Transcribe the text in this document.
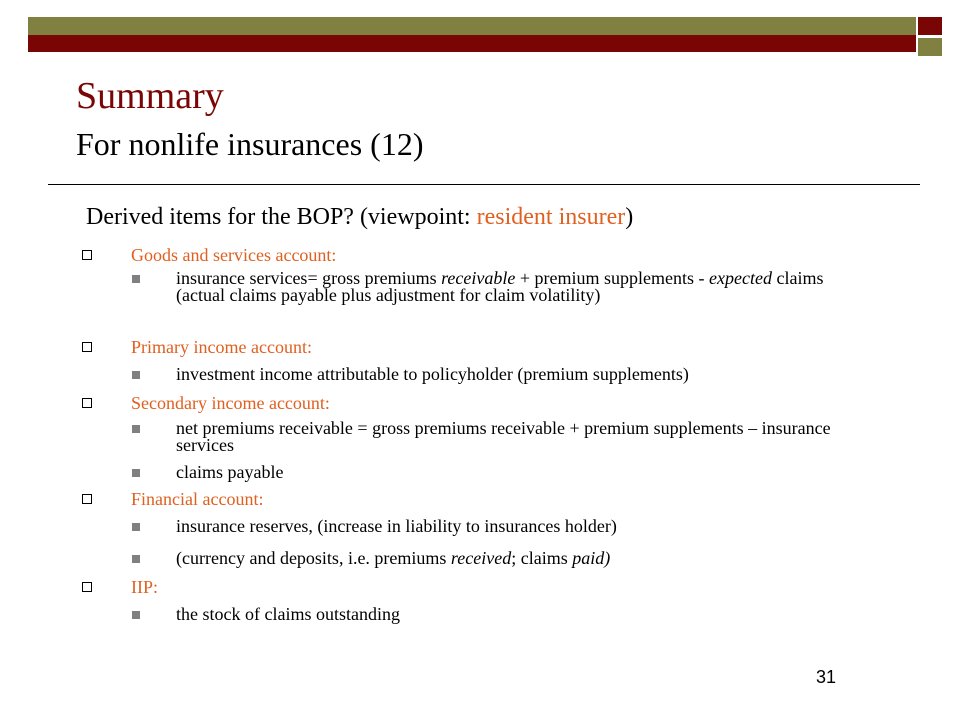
Summary
For nonlife insurances (12)
Derived items for the BOP? (viewpoint: resident insurer)
Goods and services account:
insurance services= gross premiums receivable + premium supplements - expected claims (actual claims payable plus adjustment for claim volatility)
Primary income account:
investment income attributable to policyholder (premium supplements)
Secondary income account:
net premiums receivable = gross premiums receivable + premium supplements – insurance services
claims payable
Financial account:
insurance reserves, (increase in liability to insurances holder)
(currency and deposits, i.e. premiums received; claims paid)
IIP:
the stock of claims outstanding
31
